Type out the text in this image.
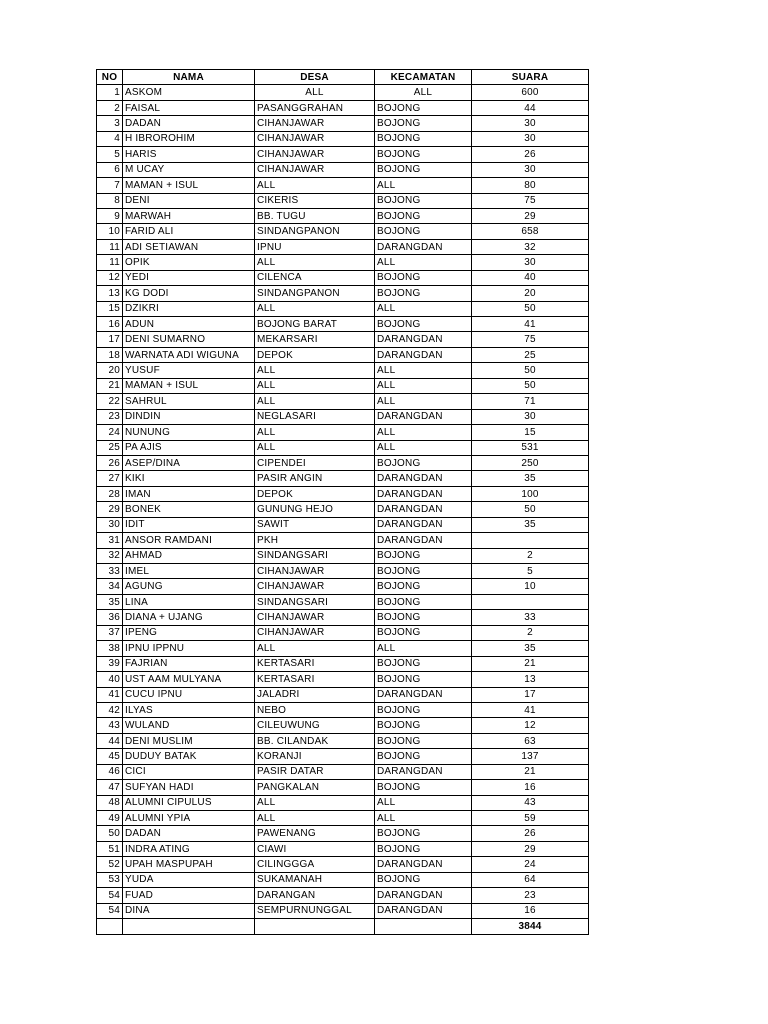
NO	NAMA	DESA	KECAMATAN	SUARA
1	ASKOM	ALL	ALL	600
2	FAISAL	PASANGGRAHAN	BOJONG	44
3	DADAN	CIHANJAWAR	BOJONG	30
4	H IBROROHIM	CIHANJAWAR	BOJONG	30
5	HARIS	CIHANJAWAR	BOJONG	26
6	M UCAY	CIHANJAWAR	BOJONG	30
7	MAMAN + ISUL	ALL	ALL	80
8	DENI	CIKERIS	BOJONG	75
9	MARWAH	BB. TUGU	BOJONG	29
10	FARID ALI	SINDANGPANON	BOJONG	658
11	ADI SETIAWAN	IPNU	DARANGDAN	32
11	OPIK	ALL	ALL	30
12	YEDI	CILENCA	BOJONG	40
13	KG DODI	SINDANGPANON	BOJONG	20
15	DZIKRI	ALL	ALL	50
16	ADUN	BOJONG BARAT	BOJONG	41
17	DENI SUMARNO	MEKARSARI	DARANGDAN	75
18	WARNATA ADI WIGUNA	DEPOK	DARANGDAN	25
20	YUSUF	ALL	ALL	50
21	MAMAN + ISUL	ALL	ALL	50
22	SAHRUL	ALL	ALL	71
23	DINDIN	NEGLASARI	DARANGDAN	30
24	NUNUNG	ALL	ALL	15
25	PA AJIS	ALL	ALL	531
26	ASEP/DINA	CIPENDEI	BOJONG	250
27	KIKI	PASIR ANGIN	DARANGDAN	35
28	IMAN	DEPOK	DARANGDAN	100
29	BONEK	GUNUNG HEJO	DARANGDAN	50
30	IDIT	SAWIT	DARANGDAN	35
31	ANSOR RAMDANI	PKH	DARANGDAN	
32	AHMAD	SINDANGSARI	BOJONG	2
33	IMEL	CIHANJAWAR	BOJONG	5
34	AGUNG	CIHANJAWAR	BOJONG	10
35	LINA	SINDANGSARI	BOJONG	
36	DIANA + UJANG	CIHANJAWAR	BOJONG	33
37	IPENG	CIHANJAWAR	BOJONG	2
38	IPNU IPPNU	ALL	ALL	35
39	FAJRIAN	KERTASARI	BOJONG	21
40	UST AAM MULYANA	KERTASARI	BOJONG	13
41	CUCU IPNU	JALADRI	DARANGDAN	17
42	ILYAS	NEBO	BOJONG	41
43	WULAND	CILEUWUNG	BOJONG	12
44	DENI MUSLIM	BB. CILANDAK	BOJONG	63
45	DUDUY BATAK	KORANJI	BOJONG	137
46	CICI	PASIR DATAR	DARANGDAN	21
47	SUFYAN HADI	PANGKALAN	BOJONG	16
48	ALUMNI CIPULUS	ALL	ALL	43
49	ALUMNI YPIA	ALL	ALL	59
50	DADAN	PAWENANG	BOJONG	26
51	INDRA ATING	CIAWI	BOJONG	29
52	UPAH MASPUPAH	CILINGGGA	DARANGDAN	24
53	YUDA	SUKAMANAH	BOJONG	64
54	FUAD	DARANGAN	DARANGDAN	23
54	DINA	SEMPURNUNGGAL	DARANGDAN	16
				3844
